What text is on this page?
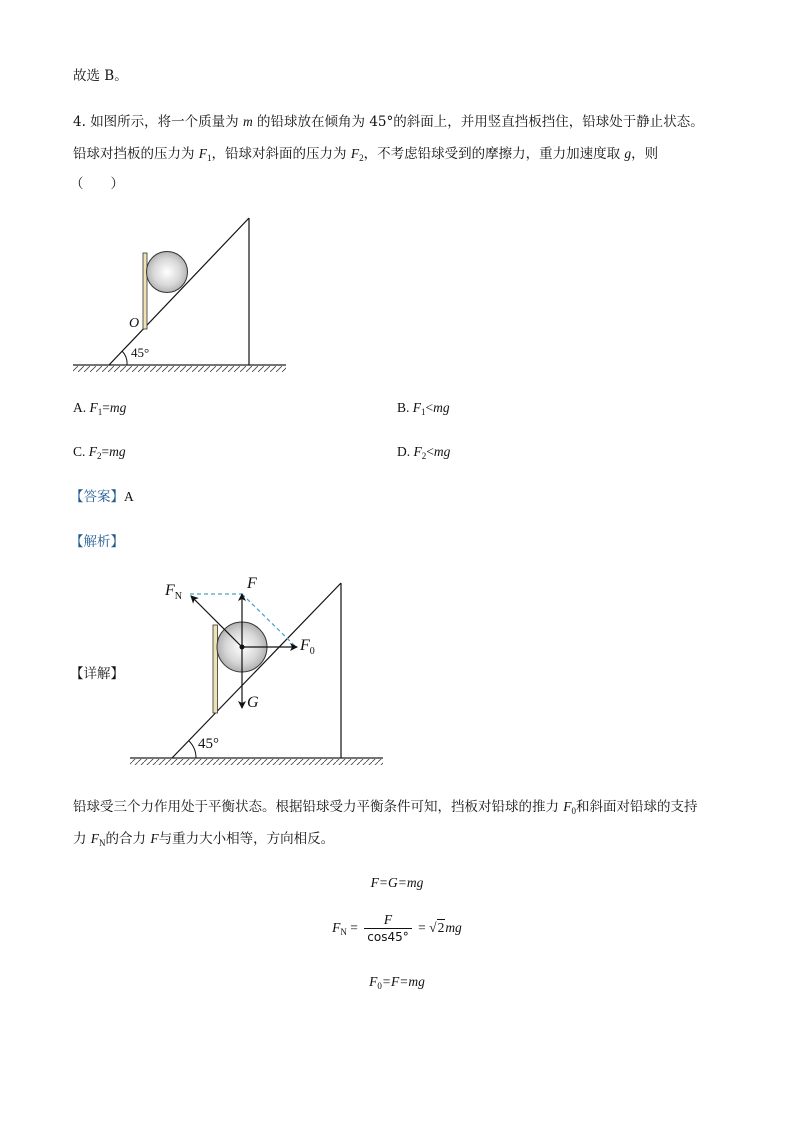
故选 B。
4. 如图所示，将一个质量为 m 的铅球放在倾角为 45°的斜面上，并用竖直挡板挡住，铅球处于静止状态。
铅球对挡板的压力为 $F_1$，铅球对斜面的压力为 $F_2$，不考虑铅球受到的摩擦力，重力加速度取 g，则
（　　）
O
45°
A. $F_1=mg$	B. $F_1<mg$
C. $F_2=mg$	D. $F_2<mg$
【答案】A
【解析】
【详解】
$F_N$
F
$F_0$
G
45°
铅球受三个力作用处于平衡状态。根据铅球受力平衡条件可知，挡板对铅球的推力 $F_0$和斜面对铅球的支持
力 $F_N$的合力 F与重力大小相等，方向相反。
F=G=mg
$F_N = \frac{F}{\cos 45^\circ} = √2mg$
$F_0=F=mg$
